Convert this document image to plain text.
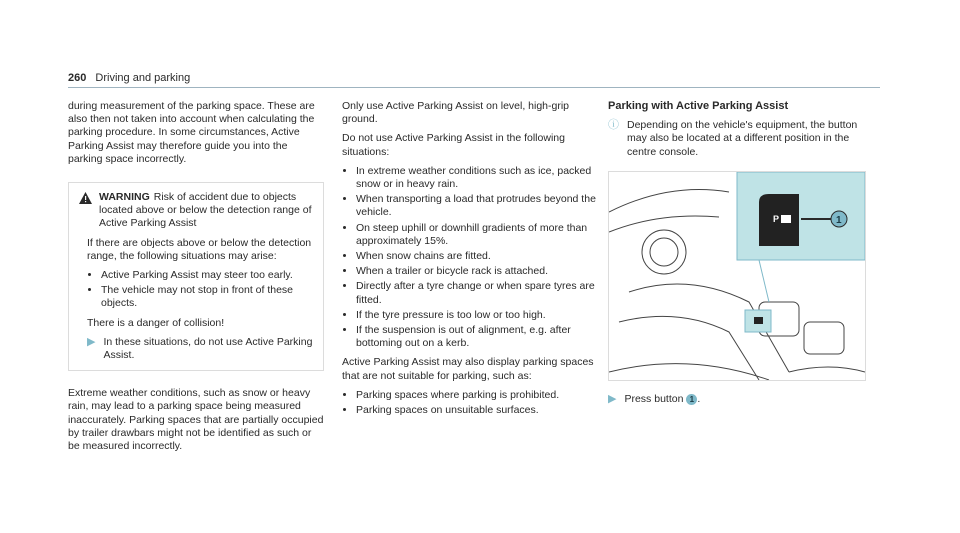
260 Driving and parking

during measurement of the parking space. These are also then not taken into account when calculating the parking procedure. In some circumstances, Active Parking Assist may therefore guide you into the parking space incorrectly.

WARNING Risk of accident due to objects located above or below the detection range of Active Parking Assist

If there are objects above or below the detection range, the following situations may arise:

• Active Parking Assist may steer too early.
• The vehicle may not stop in front of these objects.

There is a danger of collision!

▶ In these situations, do not use Active Parking Assist.

Extreme weather conditions, such as snow or heavy rain, may lead to a parking space being measured inaccurately. Parking spaces that are partially occupied by trailer drawbars might not be identified as such or be measured incorrectly.

Only use Active Parking Assist on level, high-grip ground.

Do not use Active Parking Assist in the following situations:

• In extreme weather conditions such as ice, packed snow or in heavy rain.
• When transporting a load that protrudes beyond the vehicle.
• On steep uphill or downhill gradients of more than approximately 15%.
• When snow chains are fitted.
• When a trailer or bicycle rack is attached.
• Directly after a tyre change or when spare tyres are fitted.
• If the tyre pressure is too low or too high.
• If the suspension is out of alignment, e.g. after bottoming out on a kerb.

Active Parking Assist may also display parking spaces that are not suitable for parking, such as:

• Parking spaces where parking is prohibited.
• Parking spaces on unsuitable surfaces.
Parking with Active Parking Assist
ⓘ Depending on the vehicle's equipment, the button may also be located at a different position in the centre console.
P	1
▶ Press button 1 .
